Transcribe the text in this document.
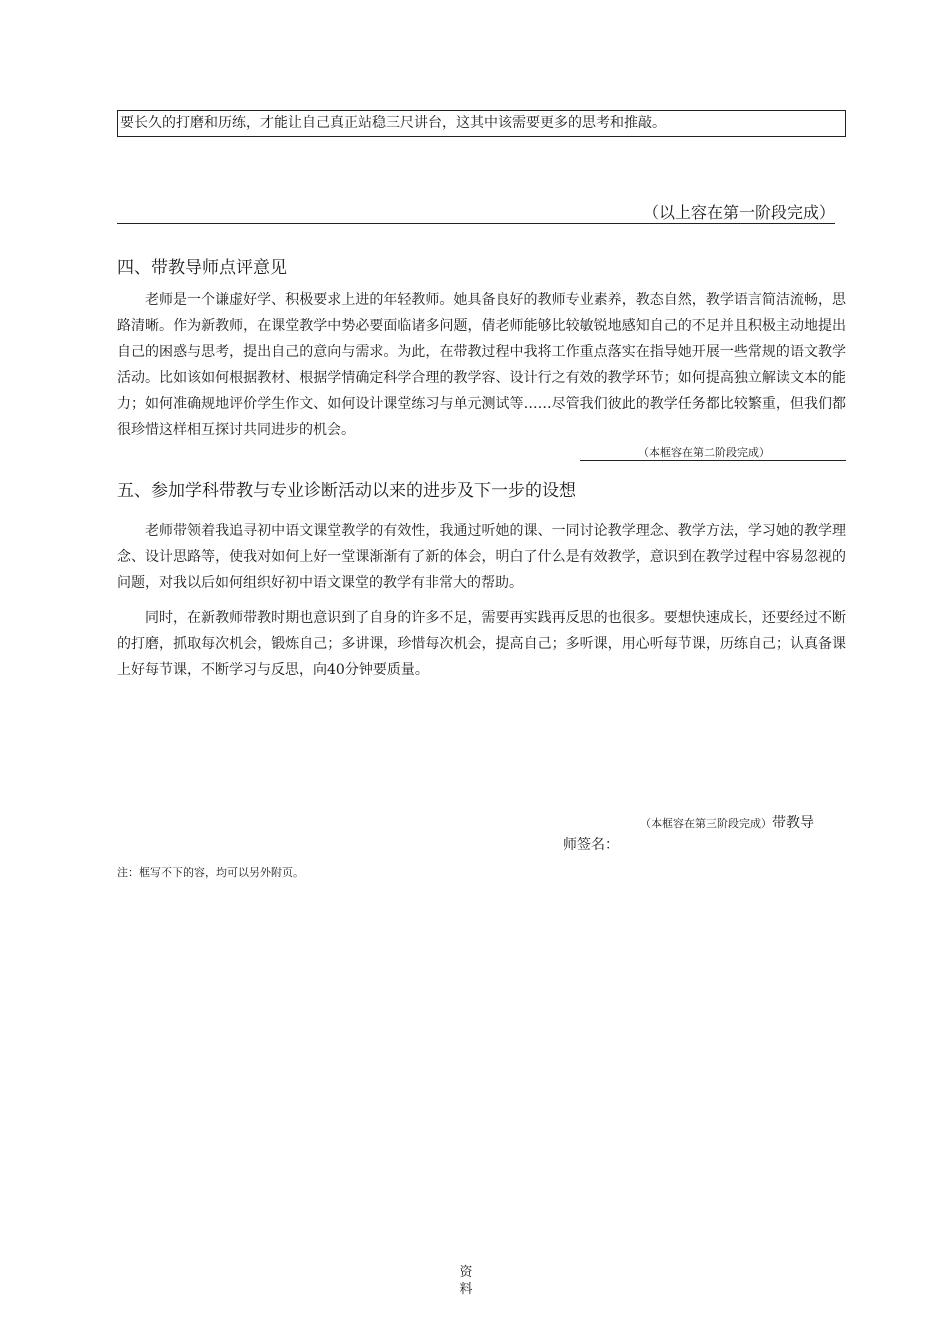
要长久的打磨和历练，才能让自己真正站稳三尺讲台，这其中该需要更多的思考和推敲。
（以上容在第一阶段完成）
四、带教导师点评意见

老师是一个谦虚好学、积极要求上进的年轻教师。她具备良好的教师专业素养，教态自然，教学语言简洁流畅，思路清晰。作为新教师，在课堂教学中势必要面临诸多问题，倩老师能够比较敏锐地感知自己的不足并且积极主动地提出自己的困惑与思考，提出自己的意向与需求。为此，在带教过程中我将工作重点落实在指导她开展一些常规的语文教学活动。比如该如何根据教材、根据学情确定科学合理的教学容、设计行之有效的教学环节；如何提高独立解读文本的能力；如何准确规地评价学生作文、如何设计课堂练习与单元测试等……尽管我们彼此的教学任务都比较繁重，但我们都很珍惜这样相互探讨共同进步的机会。

（本框容在第二阶段完成）
五、参加学科带教与专业诊断活动以来的进步及下一步的设想

老师带领着我追寻初中语文课堂教学的有效性，我通过听她的课、一同讨论教学理念、教学方法，学习她的教学理念、设计思路等，使我对如何上好一堂课渐渐有了新的体会，明白了什么是有效教学，意识到在教学过程中容易忽视的问题，对我以后如何组织好初中语文课堂的教学有非常大的帮助。

同时，在新教师带教时期也意识到了自身的许多不足，需要再实践再反思的也很多。要想快速成长，还要经过不断的打磨，抓取每次机会，锻炼自己；多讲课，珍惜每次机会，提高自己；多听课，用心听每节课，历练自己；认真备课上好每节课，不断学习与反思，向40分钟要质量。

（本框容在第三阶段完成）带教导
师签名：
注：框写不下的容，均可以另外附页。
资
料
